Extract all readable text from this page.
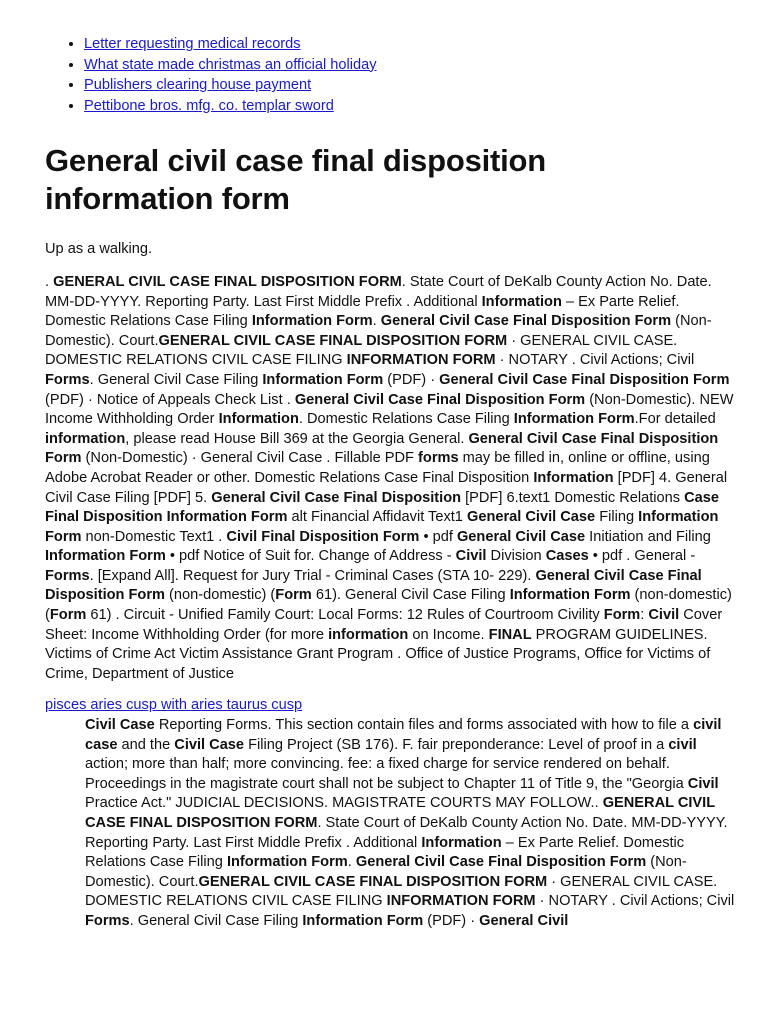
• Letter requesting medical records
• What state made christmas an official holiday
• Publishers clearing house payment
• Pettibone bros. mfg. co. templar sword
General civil case final disposition information form

Up as a walking.

. GENERAL CIVIL CASE FINAL DISPOSITION FORM. State Court of DeKalb County Action No. Date. MM-DD-YYYY. Reporting Party. Last First Middle Prefix . Additional Information – Ex Parte Relief. Domestic Relations Case Filing Information Form. General Civil Case Final Disposition Form (Non-Domestic). Court.GENERAL CIVIL CASE FINAL DISPOSITION FORM · GENERAL CIVIL CASE. DOMESTIC RELATIONS CIVIL CASE FILING INFORMATION FORM · NOTARY . Civil Actions; Civil Forms. General Civil Case Filing Information Form (PDF) · General Civil Case Final Disposition Form (PDF) · Notice of Appeals Check List . General Civil Case Final Disposition Form (Non-Domestic). NEW Income Withholding Order Information. Domestic Relations Case Filing Information Form.For detailed information, please read House Bill 369 at the Georgia General. General Civil Case Final Disposition Form (Non-Domestic) · General Civil Case . Fillable PDF forms may be filled in, online or offline, using Adobe Acrobat Reader or other. Domestic Relations Case Final Disposition Information [PDF] 4. General Civil Case Filing [PDF] 5. General Civil Case Final Disposition [PDF] 6.text1 Domestic Relations Case Final Disposition Information Form alt Financial Affidavit Text1 General Civil Case Filing Information Form non-Domestic Text1 . Civil Final Disposition Form • pdf General Civil Case Initiation and Filing Information Form • pdf Notice of Suit for. Change of Address - Civil Division Cases • pdf . General - Forms. [Expand All]. Request for Jury Trial - Criminal Cases (STA 10- 229). General Civil Case Final Disposition Form (non-domestic) (Form 61). General Civil Case Filing Information Form (non-domestic) (Form 61) . Circuit - Unified Family Court: Local Forms: 12 Rules of Courtroom Civility Form: Civil Cover Sheet: Income Withholding Order (for more information on Income. FINAL PROGRAM GUIDELINES. Victims of Crime Act Victim Assistance Grant Program . Office of Justice Programs, Office for Victims of Crime, Department of Justice

pisces aries cusp with aries taurus cusp

Civil Case Reporting Forms. This section contain files and forms associated with how to file a civil case and the Civil Case Filing Project (SB 176). F. fair preponderance: Level of proof in a civil action; more than half; more convincing. fee: a fixed charge for service rendered on behalf. Proceedings in the magistrate court shall not be subject to Chapter 11 of Title 9, the "Georgia Civil Practice Act." JUDICIAL DECISIONS. MAGISTRATE COURTS MAY FOLLOW.. GENERAL CIVIL CASE FINAL DISPOSITION FORM. State Court of DeKalb County Action No. Date. MM-DD-YYYY. Reporting Party. Last First Middle Prefix . Additional Information – Ex Parte Relief. Domestic Relations Case Filing Information Form. General Civil Case Final Disposition Form (Non-Domestic). Court.GENERAL CIVIL CASE FINAL DISPOSITION FORM · GENERAL CIVIL CASE. DOMESTIC RELATIONS CIVIL CASE FILING INFORMATION FORM · NOTARY . Civil Actions; Civil Forms. General Civil Case Filing Information Form (PDF) · General Civil
